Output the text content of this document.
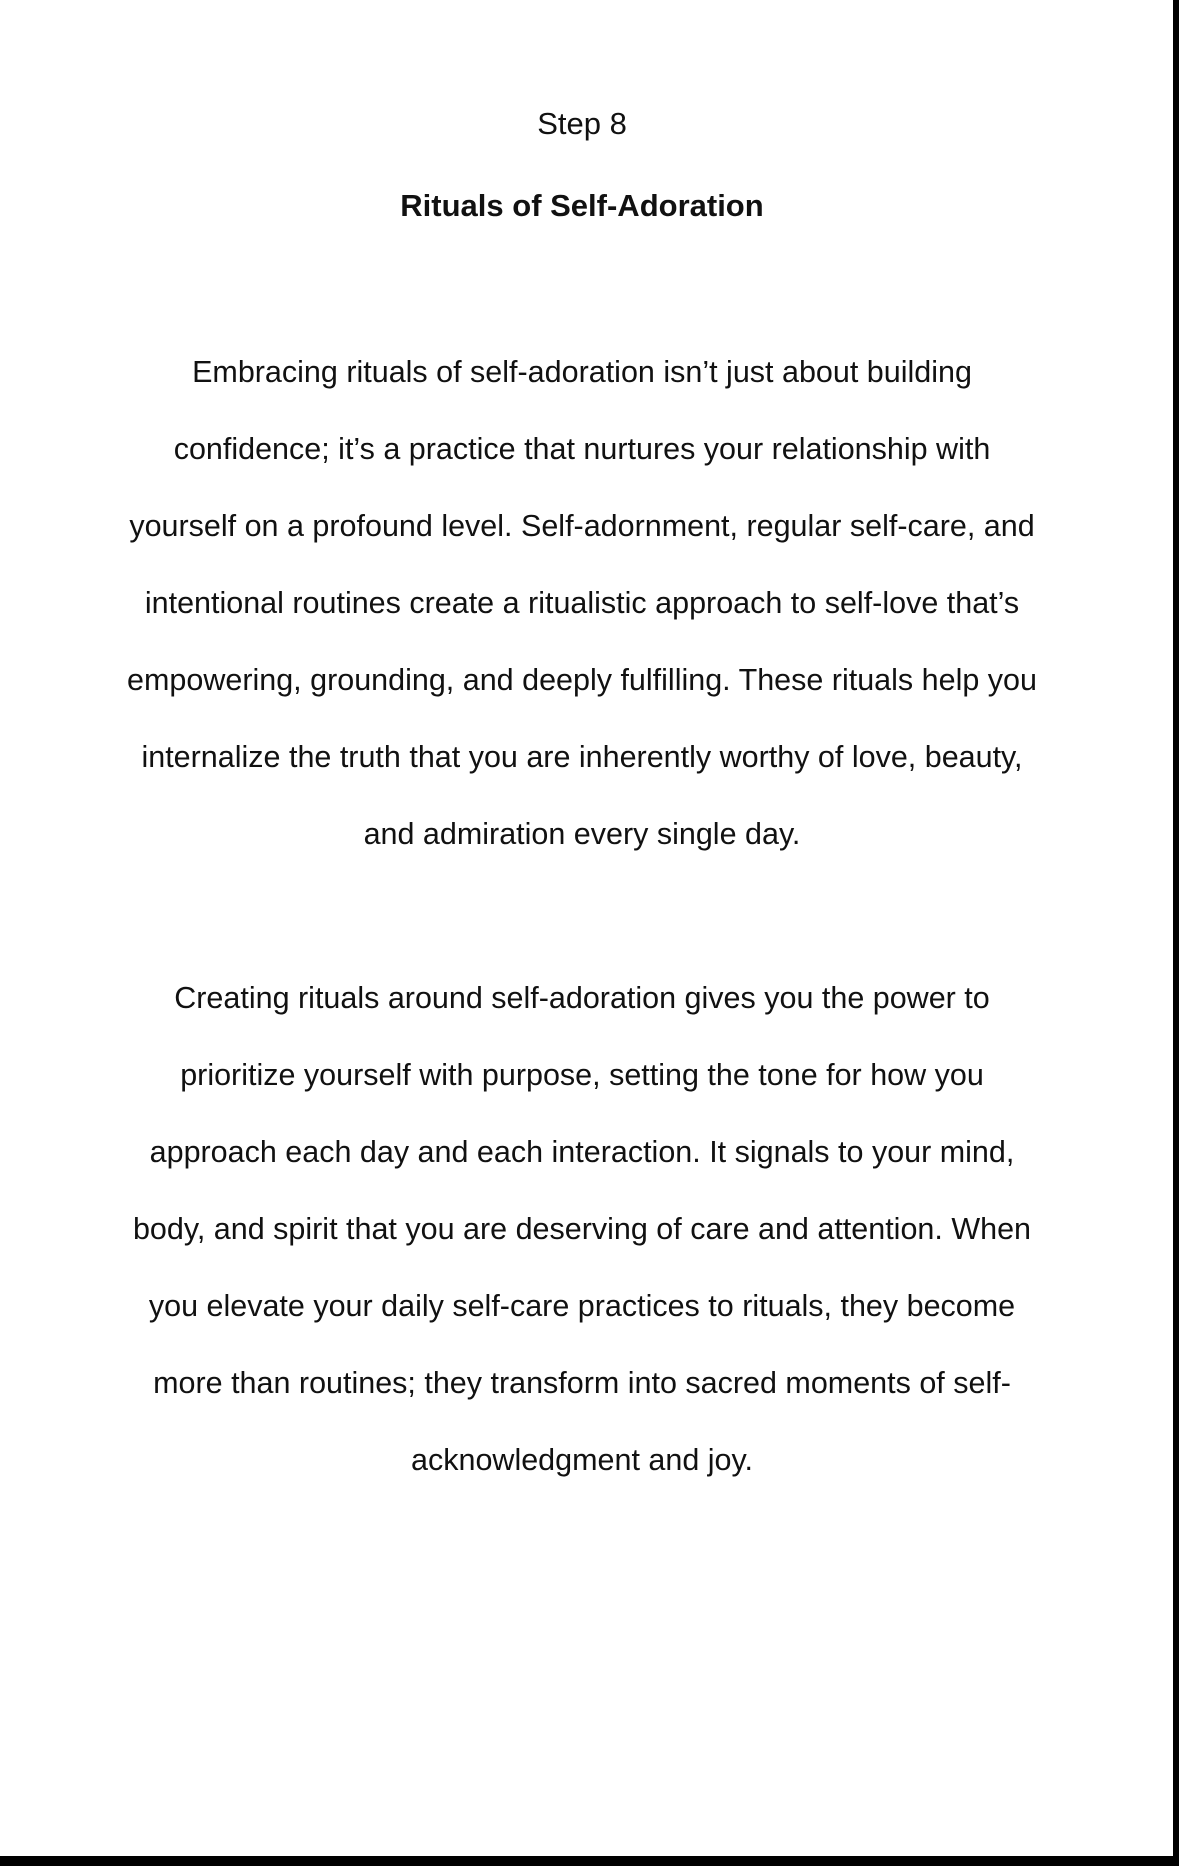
Step 8
Rituals of Self-Adoration

Embracing rituals of self-adoration isn’t just about building
confidence; it’s a practice that nurtures your relationship with
yourself on a profound level. Self-adornment, regular self-care, and
intentional routines create a ritualistic approach to self-love that’s
empowering, grounding, and deeply fulfilling. These rituals help you
internalize the truth that you are inherently worthy of love, beauty,
and admiration every single day.

Creating rituals around self-adoration gives you the power to
prioritize yourself with purpose, setting the tone for how you
approach each day and each interaction. It signals to your mind,
body, and spirit that you are deserving of care and attention. When
you elevate your daily self-care practices to rituals, they become
more than routines; they transform into sacred moments of self-
acknowledgment and joy.
